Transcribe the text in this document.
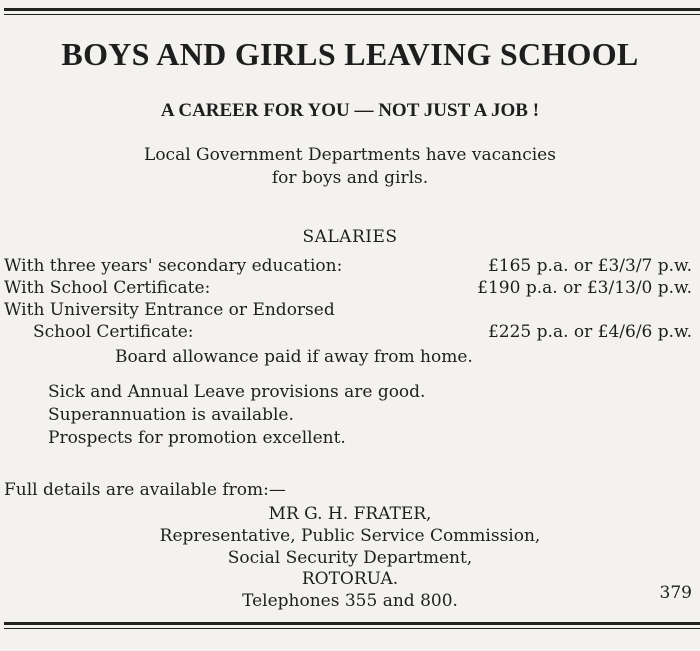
BOYS AND GIRLS LEAVING SCHOOL
A CAREER FOR YOU — NOT JUST A JOB !
Local Government Departments have vacancies
for boys and girls.
SALARIES
With three years' secondary education:	£165 p.a. or £3/3/7 p.w.
With School Certificate:	£190 p.a. or £3/13/0 p.w.
With University Entrance or Endorsed
School Certificate:	£225 p.a. or £4/6/6 p.w.
Board allowance paid if away from home.
Sick and Annual Leave provisions are good.
Superannuation is available.
Prospects for promotion excellent.
Full details are available from:—
MR G. H. FRATER,
Representative, Public Service Commission,
Social Security Department,
ROTORUA.
Telephones 355 and 800.	379
